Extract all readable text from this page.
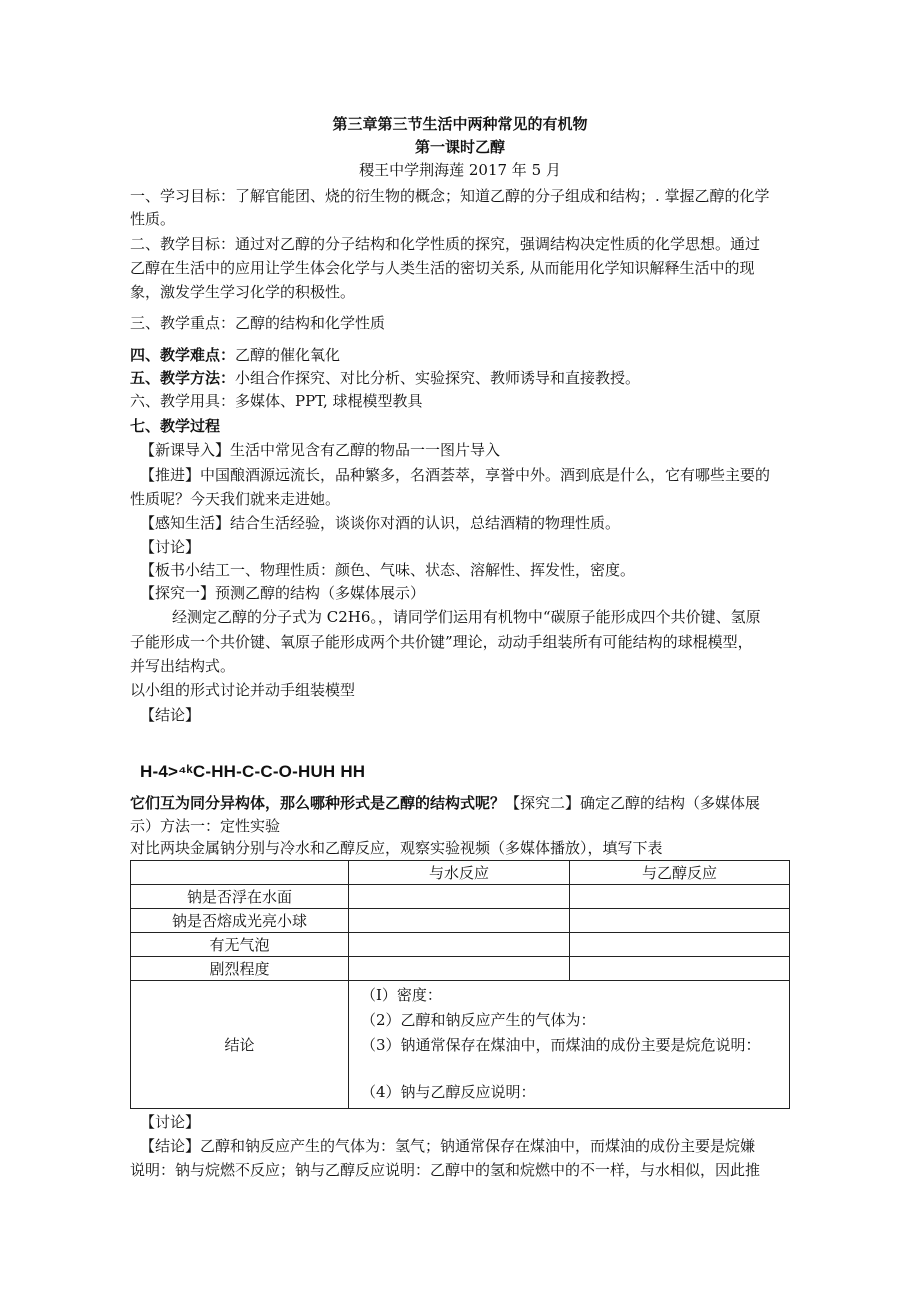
第三章第三节生活中两种常见的有机物
第一课时乙醇
稷王中学荆海莲 2017 年 5 月
一、学习目标：了解官能团、烧的衍生物的概念；知道乙醇的分子组成和结构；. 掌握乙醇的化学
性质。
二、教学目标：通过对乙醇的分子结构和化学性质的探究，强调结构决定性质的化学思想。通过
乙醇在生活中的应用让学生体会化学与人类生活的密切关系, 从而能用化学知识解释生活中的现
象，激发学生学习化学的积极性。
三、教学重点：乙醇的结构和化学性质
四、教学难点：乙醇的催化氧化
五、教学方法：小组合作探究、对比分析、实验探究、教师诱导和直接教授。
六、教学用具：多媒体、PPT, 球棍模型教具
七、教学过程
【新课导入】生活中常见含有乙醇的物品一一图片导入
【推进】中国酿酒源远流长，品种繁多，名酒荟萃，享誉中外。酒到底是什么，它有哪些主要的
性质呢？今天我们就来走进她。
【感知生活】结合生活经验，谈谈你对酒的认识，总结酒精的物理性质。
【讨论】
【板书小结工一、物理性质：颜色、气味、状态、溶解性、挥发性，密度。
【探究一】预测乙醇的结构（多媒体展示）
经测定乙醇的分子式为 C2H6。，请同学们运用有机物中“碳原子能形成四个共价键、氢原
子能形成一个共价键、氧原子能形成两个共价键”理论，动动手组装所有可能结构的球棍模型，
并写出结构式。
以小组的形式讨论并动手组装模型
【结论】
H-4>⁴ᵏC-HH-C-C-O-HUH HH
它们互为同分异构体，那么哪种形式是乙醇的结构式呢？【探究二】确定乙醇的结构（多媒体展
示）方法一：定性实验
对比两块金属钠分别与冷水和乙醇反应，观察实验视频（多媒体播放），填写下表
	与水反应	与乙醇反应
钠是否浮在水面		
钠是否熔成光亮小球		
有无气泡		
剧烈程度		
结论	（I）密度：
（2）乙醇和钠反应产生的气体为：
（3）钠通常保存在煤油中，而煤油的成份主要是烷危说明：
（4）钠与乙醇反应说明：	
【讨论】
【结论】乙醇和钠反应产生的气体为：氢气；钠通常保存在煤油中，而煤油的成份主要是烷嫌
说明：钠与烷燃不反应；钠与乙醇反应说明：乙醇中的氢和烷燃中的不一样，与水相似，因此推
